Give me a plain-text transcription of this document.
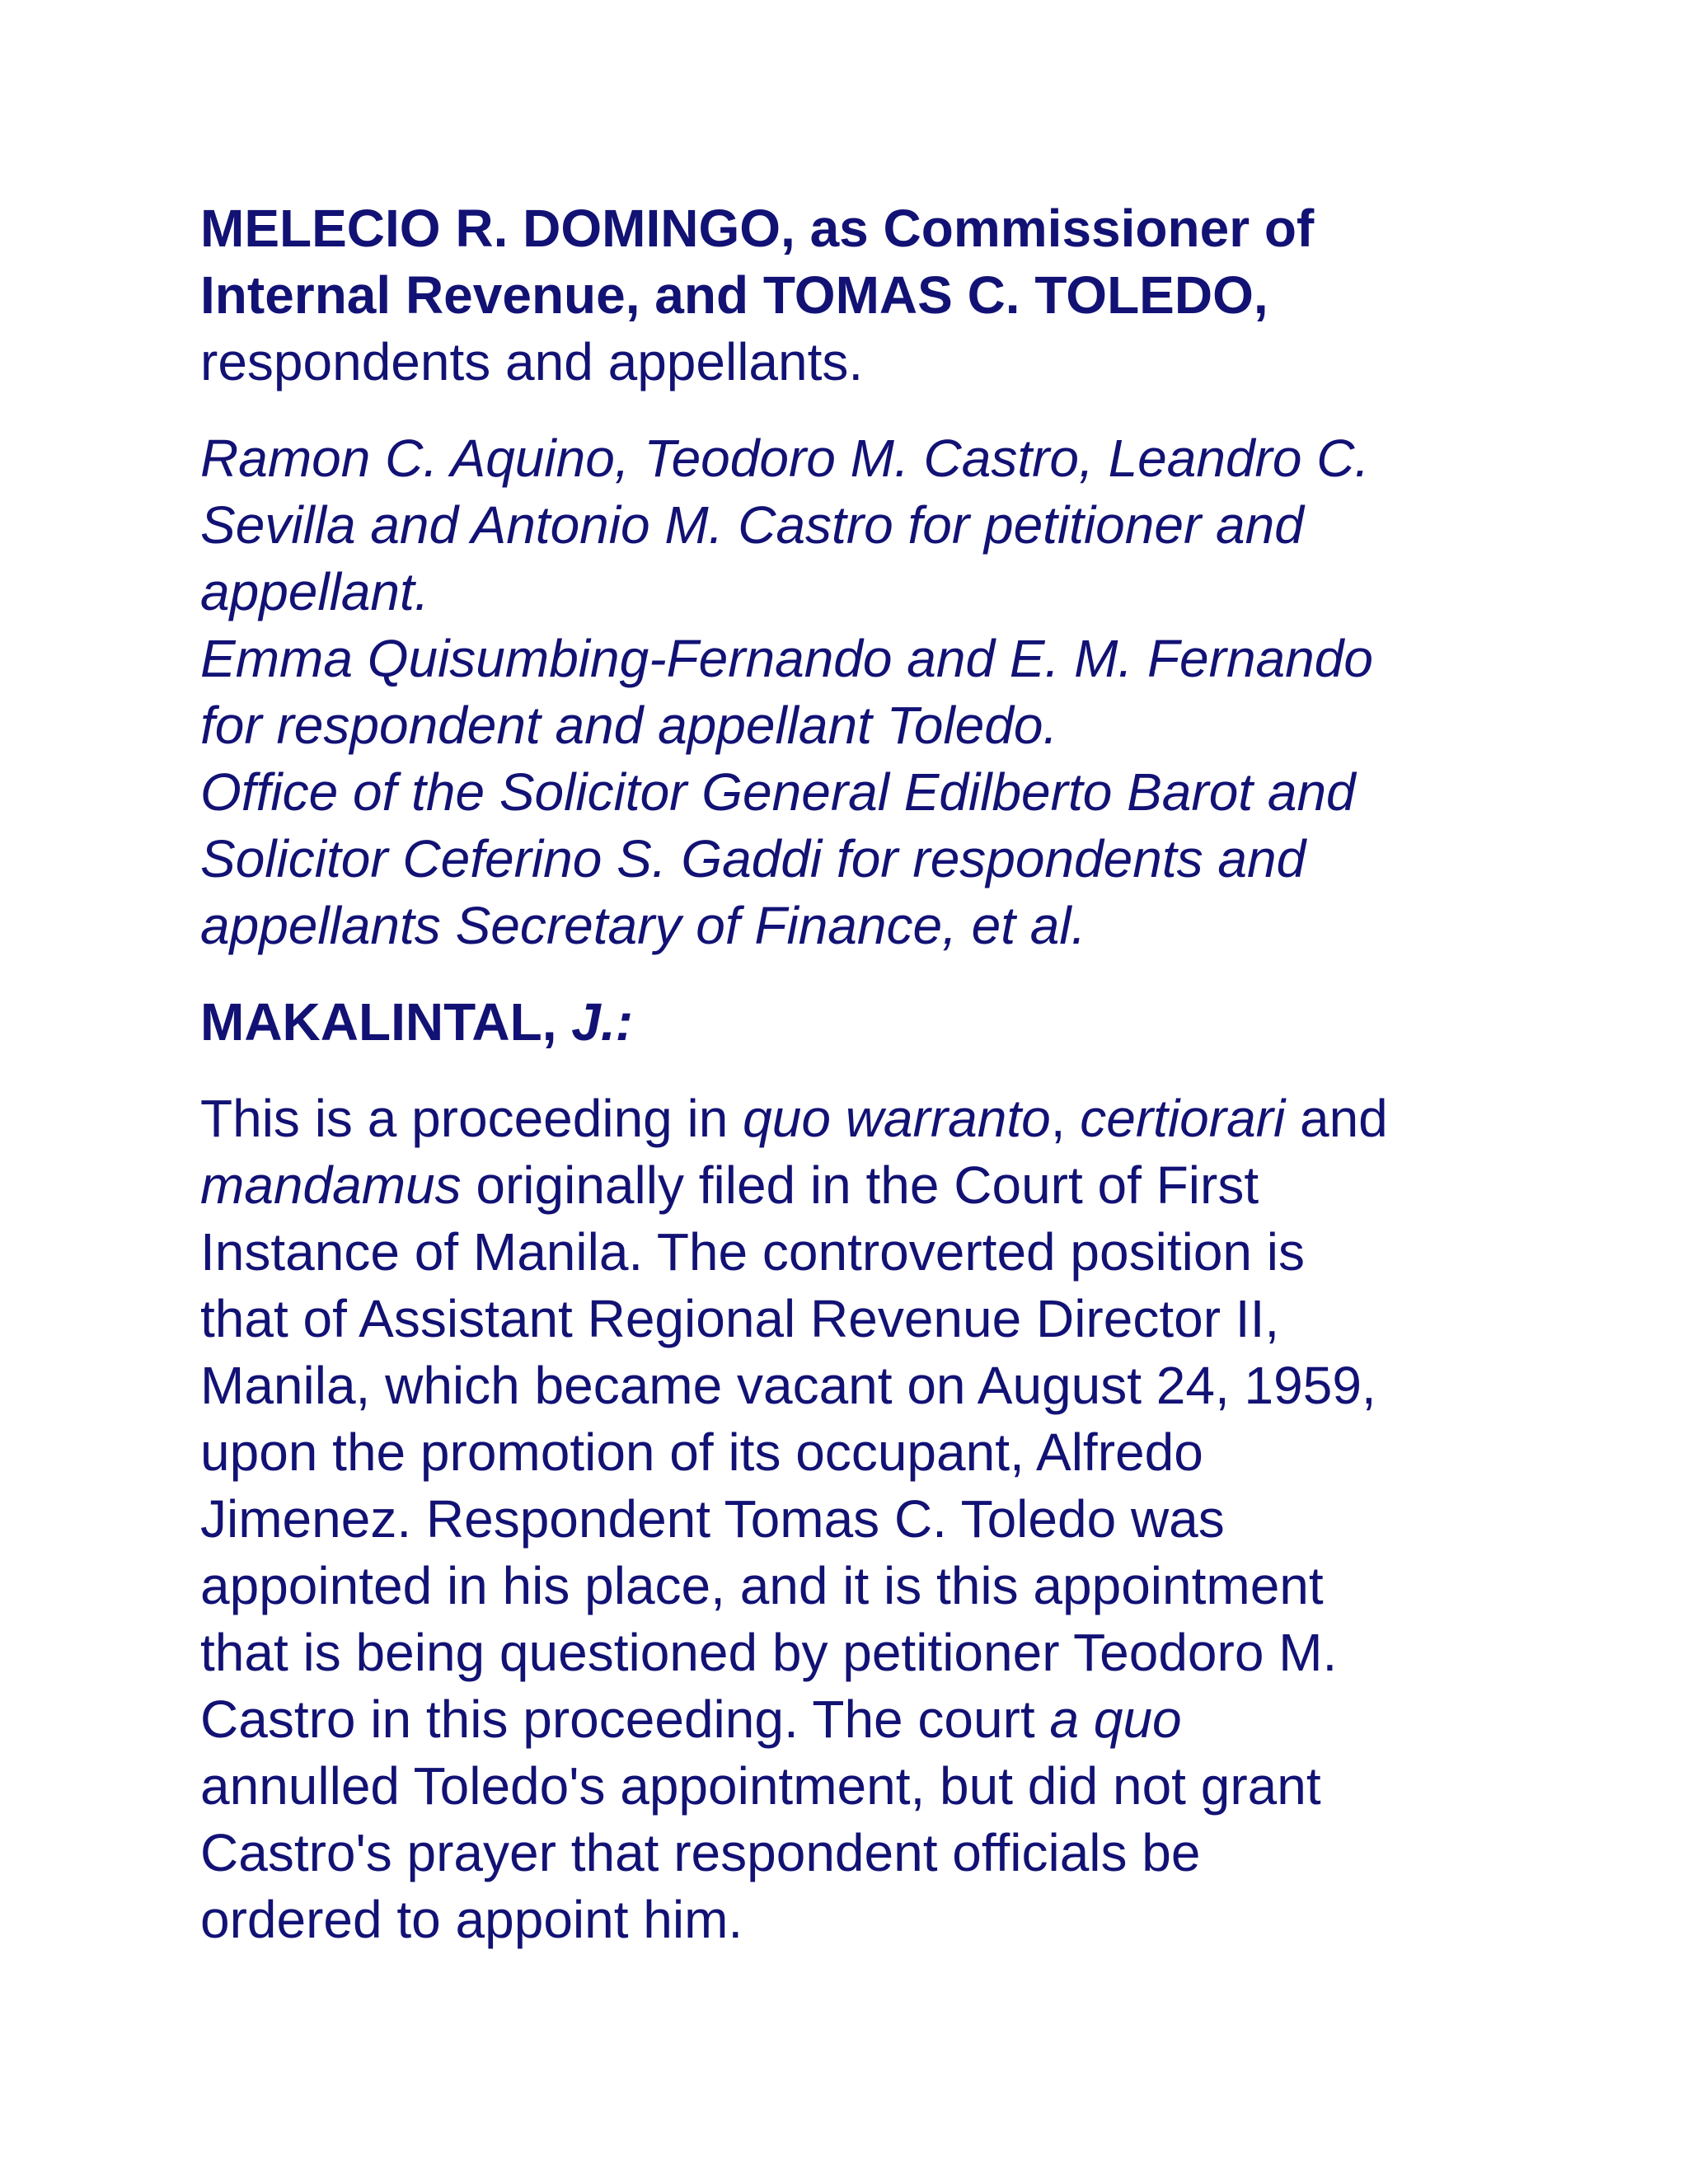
MELECIO R. DOMINGO, as Commissioner of
Internal Revenue, and TOMAS C. TOLEDO,
respondents and appellants.
Ramon C. Aquino, Teodoro M. Castro, Leandro C.
Sevilla and Antonio M. Castro for petitioner and
appellant.
Emma Quisumbing-Fernando and E. M. Fernando
for respondent and appellant Toledo.
Office of the Solicitor General Edilberto Barot and
Solicitor Ceferino S. Gaddi for respondents and
appellants Secretary of Finance, et al.
MAKALINTAL, J.:
This is a proceeding in quo warranto, certiorari and
mandamus originally filed in the Court of First
Instance of Manila. The controverted position is
that of Assistant Regional Revenue Director II,
Manila, which became vacant on August 24, 1959,
upon the promotion of its occupant, Alfredo
Jimenez. Respondent Tomas C. Toledo was
appointed in his place, and it is this appointment
that is being questioned by petitioner Teodoro M.
Castro in this proceeding. The court a quo
annulled Toledo's appointment, but did not grant
Castro's prayer that respondent officials be
ordered to appoint him.
